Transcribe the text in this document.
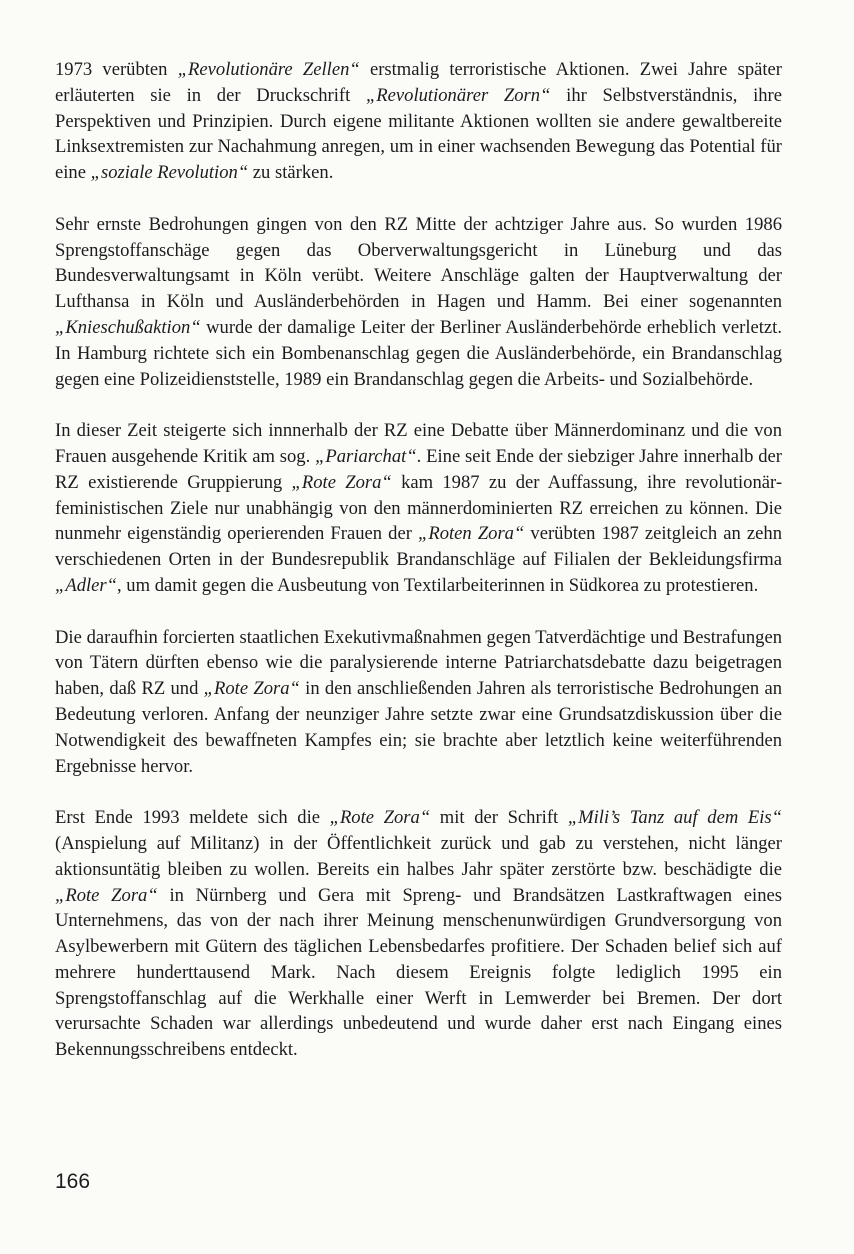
1973 verübten „Revolutionäre Zellen“ erstmalig terroristische Aktionen. Zwei Jahre später erläuterten sie in der Druckschrift „Revolutionärer Zorn“ ihr Selbstverständnis, ihre Perspektiven und Prinzipien. Durch eigene militante Aktionen wollten sie andere gewaltbereite Linksextremisten zur Nachahmung anregen, um in einer wachsenden Bewegung das Potential für eine „soziale Revolution“ zu stärken.

Sehr ernste Bedrohungen gingen von den RZ Mitte der achtziger Jahre aus. So wurden 1986 Sprengstoffanschäge gegen das Oberverwaltungsgericht in Lüneburg und das Bundesverwaltungsamt in Köln verübt. Weitere Anschläge galten der Hauptverwaltung der Lufthansa in Köln und Ausländerbehörden in Hagen und Hamm. Bei einer sogenannten „Knieschußaktion“ wurde der damalige Leiter der Berliner Ausländerbehörde erheblich verletzt. In Hamburg richtete sich ein Bombenanschlag gegen die Ausländerbehörde, ein Brandanschlag gegen eine Polizeidienststelle, 1989 ein Brandanschlag gegen die Arbeits- und Sozialbehörde.

In dieser Zeit steigerte sich innnerhalb der RZ eine Debatte über Männerdominanz und die von Frauen ausgehende Kritik am sog. „Pariarchat“. Eine seit Ende der siebziger Jahre innerhalb der RZ existierende Gruppierung „Rote Zora“ kam 1987 zu der Auffassung, ihre revolutionär-feministischen Ziele nur unabhängig von den männerdominierten RZ erreichen zu können. Die nunmehr eigenständig operierenden Frauen der „Roten Zora“ verübten 1987 zeitgleich an zehn verschiedenen Orten in der Bundesrepublik Brandanschläge auf Filialen der Bekleidungsfirma „Adler“, um damit gegen die Ausbeutung von Textilarbeiterinnen in Südkorea zu protestieren.

Die daraufhin forcierten staatlichen Exekutivmaßnahmen gegen Tatverdächtige und Bestrafungen von Tätern dürften ebenso wie die paralysierende interne Patriarchatsdebatte dazu beigetragen haben, daß RZ und „Rote Zora“ in den anschließenden Jahren als terroristische Bedrohungen an Bedeutung verloren. Anfang der neunziger Jahre setzte zwar eine Grundsatzdiskussion über die Notwendigkeit des bewaffneten Kampfes ein; sie brachte aber letztlich keine weiterführenden Ergebnisse hervor.

Erst Ende 1993 meldete sich die „Rote Zora“ mit der Schrift „Mili’s Tanz auf dem Eis“ (Anspielung auf Militanz) in der Öffentlichkeit zurück und gab zu verstehen, nicht länger aktionsuntätig bleiben zu wollen. Bereits ein halbes Jahr später zerstörte bzw. beschädigte die „Rote Zora“ in Nürnberg und Gera mit Spreng- und Brandsätzen Lastkraftwagen eines Unternehmens, das von der nach ihrer Meinung menschenunwürdigen Grundversorgung von Asylbewerbern mit Gütern des täglichen Lebensbedarfes profitiere. Der Schaden belief sich auf mehrere hunderttausend Mark. Nach diesem Ereignis folgte lediglich 1995 ein Sprengstoffanschlag auf die Werkhalle einer Werft in Lemwerder bei Bremen. Der dort verursachte Schaden war allerdings unbedeutend und wurde daher erst nach Eingang eines Bekennungsschreibens entdeckt.

166
